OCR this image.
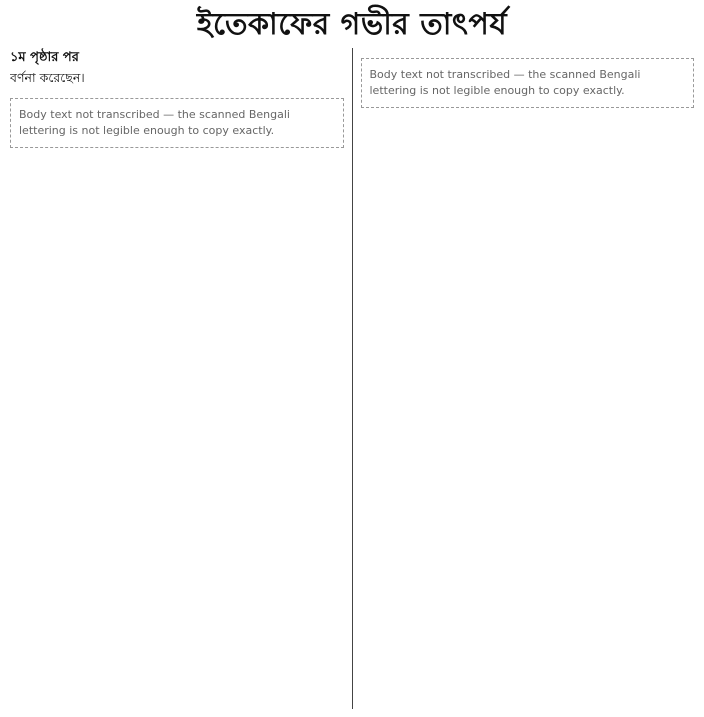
ইতেকাফের গভীর তাৎপর্য
১ম পৃষ্ঠার পর

বর্ণনা করেছেন।

Body text not transcribed — the scanned Bengali lettering is not legible enough to copy exactly.
Body text not transcribed — the scanned Bengali lettering is not legible enough to copy exactly.
